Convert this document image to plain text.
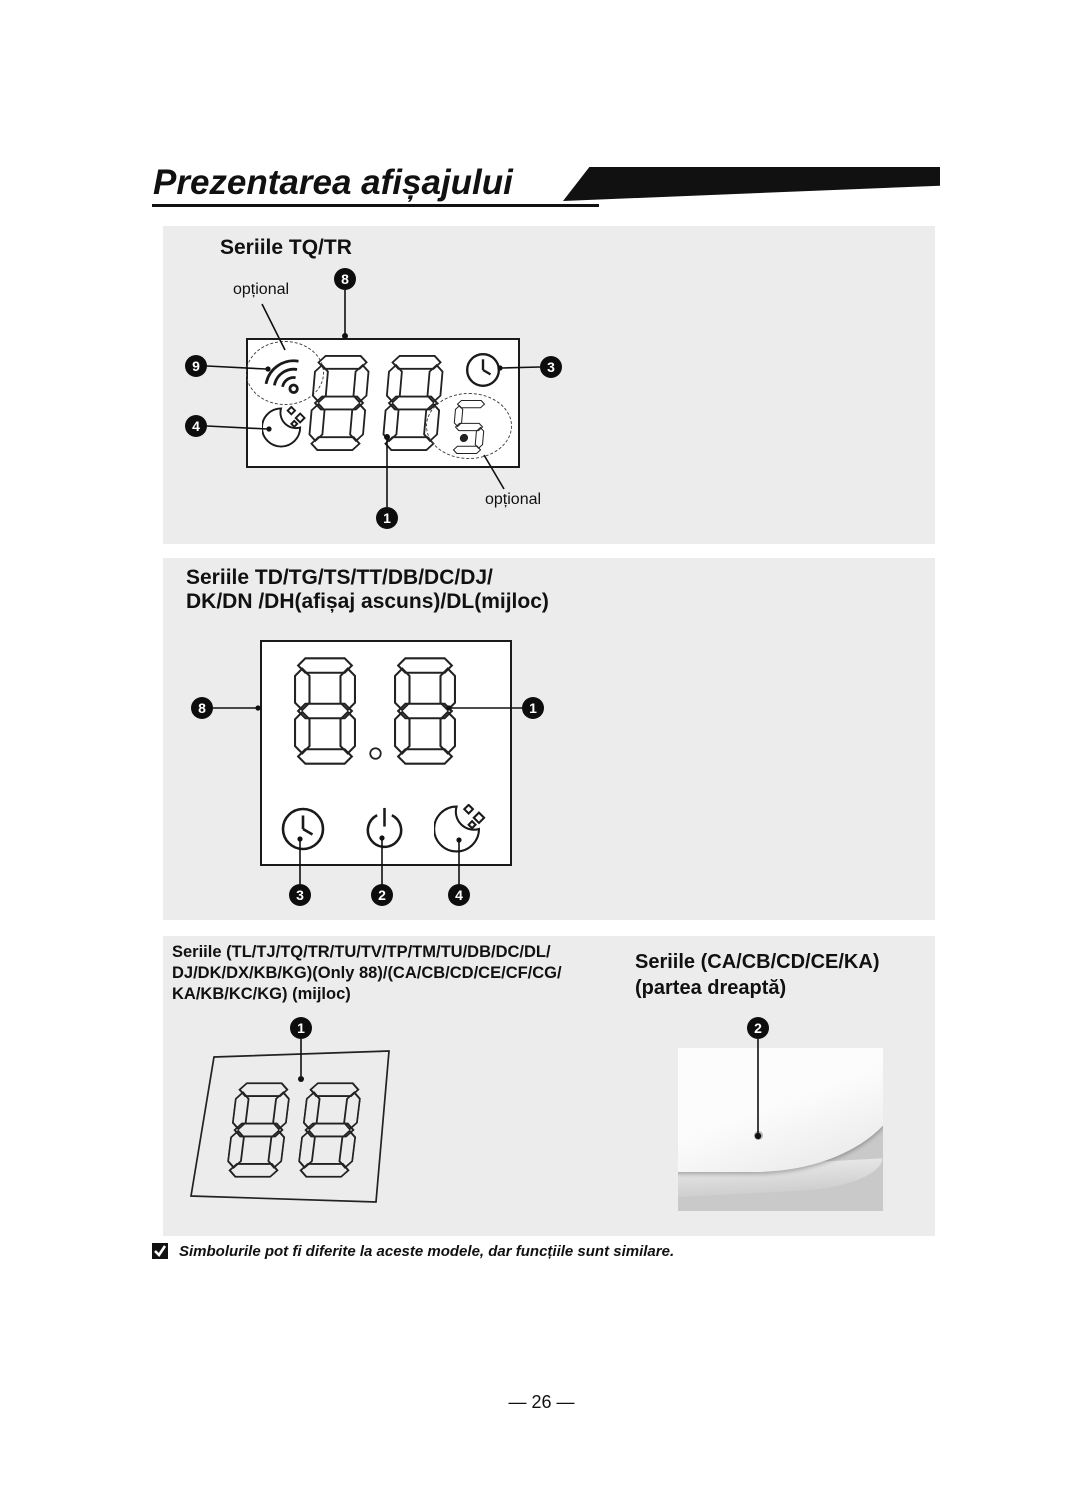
Prezentarea afișajului
Seriile TQ/TR
opțional
opțional
8
9
4
3
1
Seriile TD/TG/TS/TT/DB/DC/DJ/
DK/DN /DH(afișaj ascuns)/DL(mijloc)
8	1
3	2	4
Seriile (TL/TJ/TQ/TR/TU/TV/TP/TM/TU/DB/DC/DL/
DJ/DK/DX/KB/KG)(Only 88)/(CA/CB/CD/CE/CF/CG/
KA/KB/KC/KG) (mijloc)
Seriile (CA/CB/CD/CE/KA)
(partea dreaptă)
1	2
Simbolurile pot fi diferite la aceste modele, dar funcțiile sunt similare.
— 26 —
